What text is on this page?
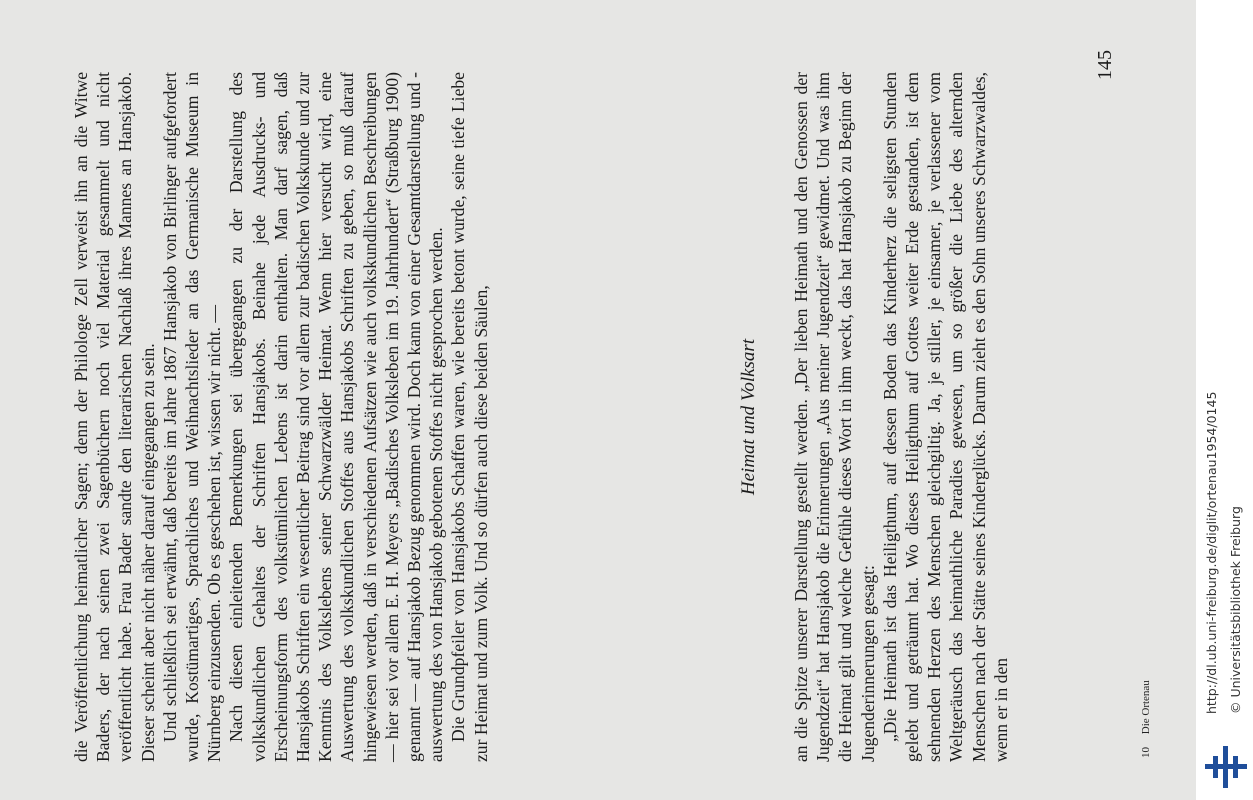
die Veröffentlichung heimatlicher Sagen; denn der Philologe Zell verweist ihn an die Witwe Baders, der nach seinen zwei Sagenbüchern noch viel Material gesammelt und nicht veröffentlicht habe. Frau Bader sandte den literarischen Nachlaß ihres Mannes an Hansjakob. Dieser scheint aber nicht näher darauf eingegangen zu sein. Und schließlich sei erwähnt, daß bereits im Jahre 1867 Hansjakob von Birlinger aufgefordert wurde, Kostümartiges, Sprachliches und Weihnachtslieder an das Germanische Museum in Nürnberg einzusenden. Ob es geschehen ist, wissen wir nicht. — Nach diesen einleitenden Bemerkungen sei übergegangen zu der Darstellung des volkskundlichen Gehaltes der Schriften Hansjakobs. Beinahe jede Ausdrucks- und Erscheinungsform des volkstümlichen Lebens ist darin enthalten. Man darf sagen, daß Hansjakobs Schriften ein wesentlicher Beitrag sind vor allem zur badischen Volkskunde und zur Kenntnis des Volkslebens seiner Schwarzwälder Heimat. Wenn hier versucht wird, eine Auswertung des volkskundlichen Stoffes aus Hansjakobs Schriften zu geben, so muß darauf hingewiesen werden, daß in verschiedenen Aufsätzen wie auch volkskundlichen Beschreibungen — hier sei vor allem E. H. Meyers „Badisches Volksleben im 19. Jahrhundert“ (Straßburg 1900) genannt — auf Hansjakob Bezug genommen wird. Doch kann von einer Gesamtdarstellung und -auswertung des von Hansjakob gebotenen Stoffes nicht gesprochen werden. Die Grundpfeiler von Hansjakobs Schaffen waren, wie bereits betont wurde, seine tiefe Liebe zur Heimat und zum Volk. Und so dürfen auch diese beiden Säulen,	Heimat und Volksart an die Spitze unserer Darstellung gestellt werden. „Der lieben Heimath und den Genossen der Jugendzeit“ hat Hansjakob die Erinnerungen „Aus meiner Jugendzeit“ gewidmet. Und was ihm die Heimat gilt und welche Gefühle dieses Wort in ihm weckt, das hat Hansjakob zu Beginn der Jugenderinnerungen gesagt: „Die Heimath ist das Heiligthum, auf dessen Boden das Kinderherz die seligsten Stunden gelebt und geträumt hat. Wo dieses Heiligthum auf Gottes weiter Erde gestanden, ist dem sehnenden Herzen des Menschen gleichgiltig. Ja, je stiller, je einsamer, je verlassener vom Weltgeräusch das heimathliche Paradies gewesen, um so größer die Liebe des alternden Menschen nach der Stätte seines Kinderglücks. Darum zieht es den Sohn unseres Schwarzwaldes, wenn er in den

145
10 Die Ortenau	http://dl.ub.uni-freiburg.de/diglit/ortenau1954/0145 © Universitätsbibliothek Freiburg
